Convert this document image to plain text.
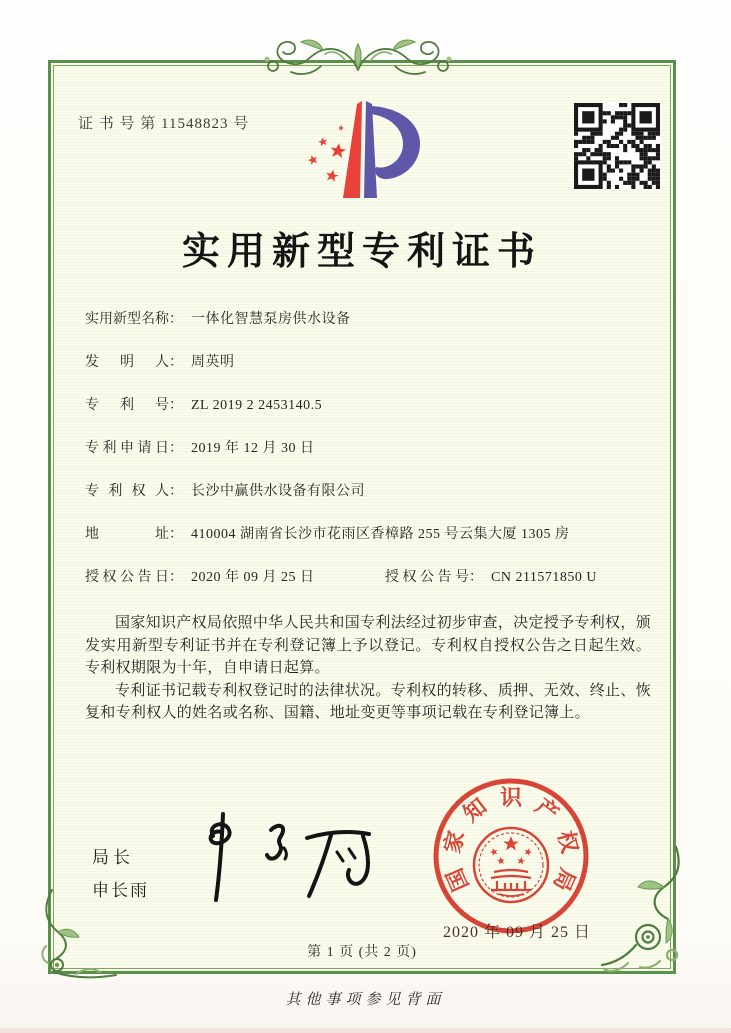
证 书 号 第 11548823 号
实用新型专利证书
实用新型名称： 一体化智慧泵房供水设备
发明人： 周英明
专利号： ZL 2019 2 2453140.5
专利申请日： 2019 年 12 月 30 日
专利权人： 长沙中赢供水设备有限公司
地址： 410004 湖南省长沙市花雨区香樟路 255 号云集大厦 1305 房
授权公告日： 2020 年 09 月 25 日	授权公告号： CN 211571850 U

国家知识产权局依照中华人民共和国专利法经过初步审查，决定授予专利权，颁发实用新型专利证书并在专利登记簿上予以登记。专利权自授权公告之日起生效。专利权期限为十年，自申请日起算。

专利证书记载专利权登记时的法律状况。专利权的转移、质押、无效、终止、恢复和专利权人的姓名或名称、国籍、地址变更等事项记载在专利登记簿上。

局长
申长雨	国
家
知 识 产
权
局
2020 年 09 月 25 日
第 1 页 (共 2 页)
其他事项参见背面
